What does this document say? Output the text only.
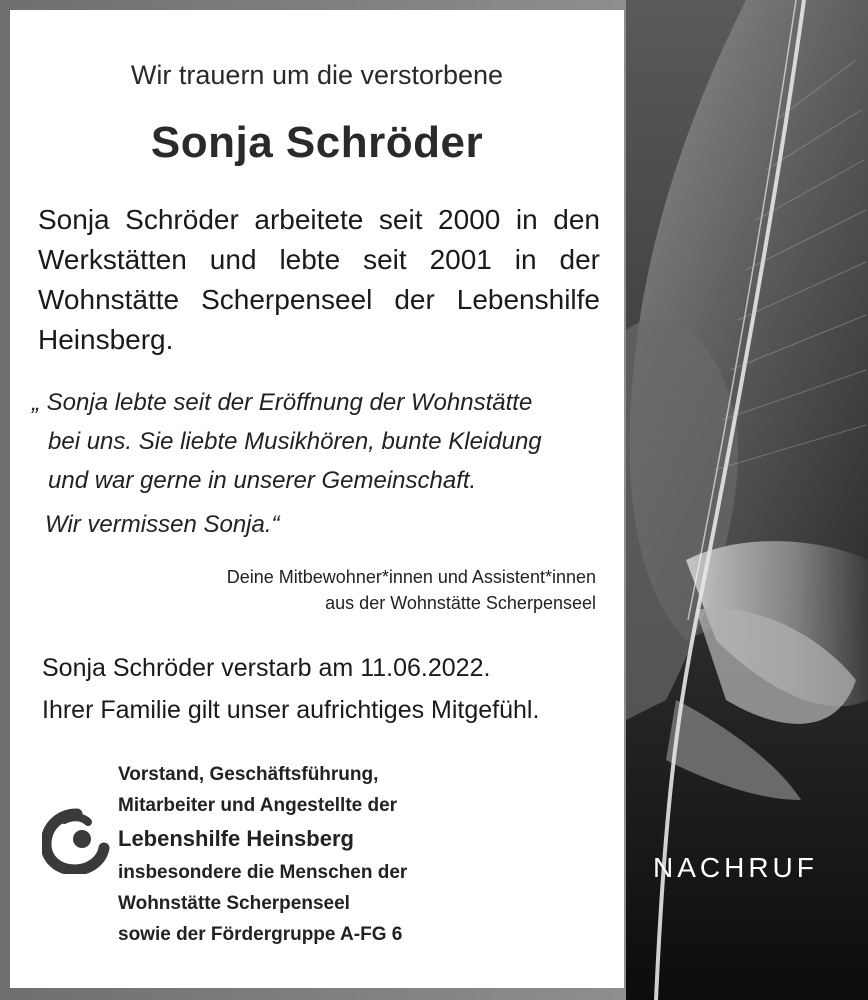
Wir trauern um die verstorbene
Sonja Schröder
Sonja Schröder arbeitete seit 2000 in den
Werkstätten und lebte seit 2001 in der
Wohnstätte Scherpenseel der Lebenshilfe
Heinsberg.
„ Sonja lebte seit der Eröffnung der Wohnstätte
bei uns. Sie liebte Musikhören, bunte Kleidung
und war gerne in unserer Gemeinschaft.
Wir vermissen Sonja.“
Deine Mitbewohner*innen und Assistent*innen
aus der Wohnstätte Scherpenseel
Sonja Schröder verstarb am 11.06.2022.
Ihrer Familie gilt unser aufrichtiges Mitgefühl.
Vorstand, Geschäftsführung,
Mitarbeiter und Angestellte der
Lebenshilfe Heinsberg
insbesondere die Menschen der
Wohnstätte Scherpenseel
sowie der Fördergruppe A-FG 6
NACHRUF
